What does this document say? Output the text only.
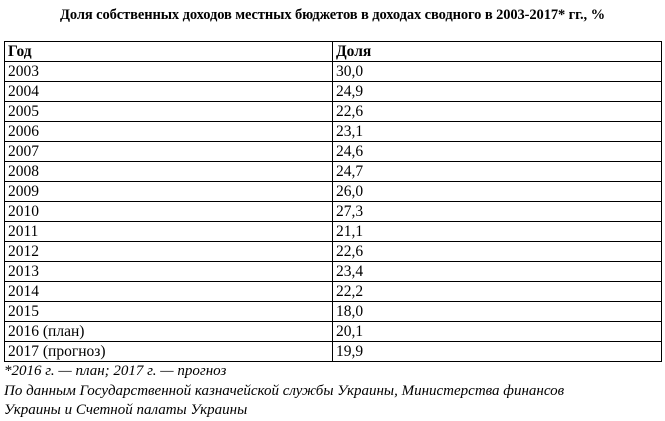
Доля собственных доходов местных бюджетов в доходах сводного в 2003-2017* гг., %
Год	Доля
2003	30,0
2004	24,9
2005	22,6
2006	23,1
2007	24,6
2008	24,7
2009	26,0
2010	27,3
2011	21,1
2012	22,6
2013	23,4
2014	22,2
2015	18,0
2016 (план)	20,1
2017 (прогноз)	19,9
*2016 г. — план; 2017 г. — прогноз
По данным Государственной казначейской службы Украины, Министерства финансов
Украины и Счетной палаты Украины
